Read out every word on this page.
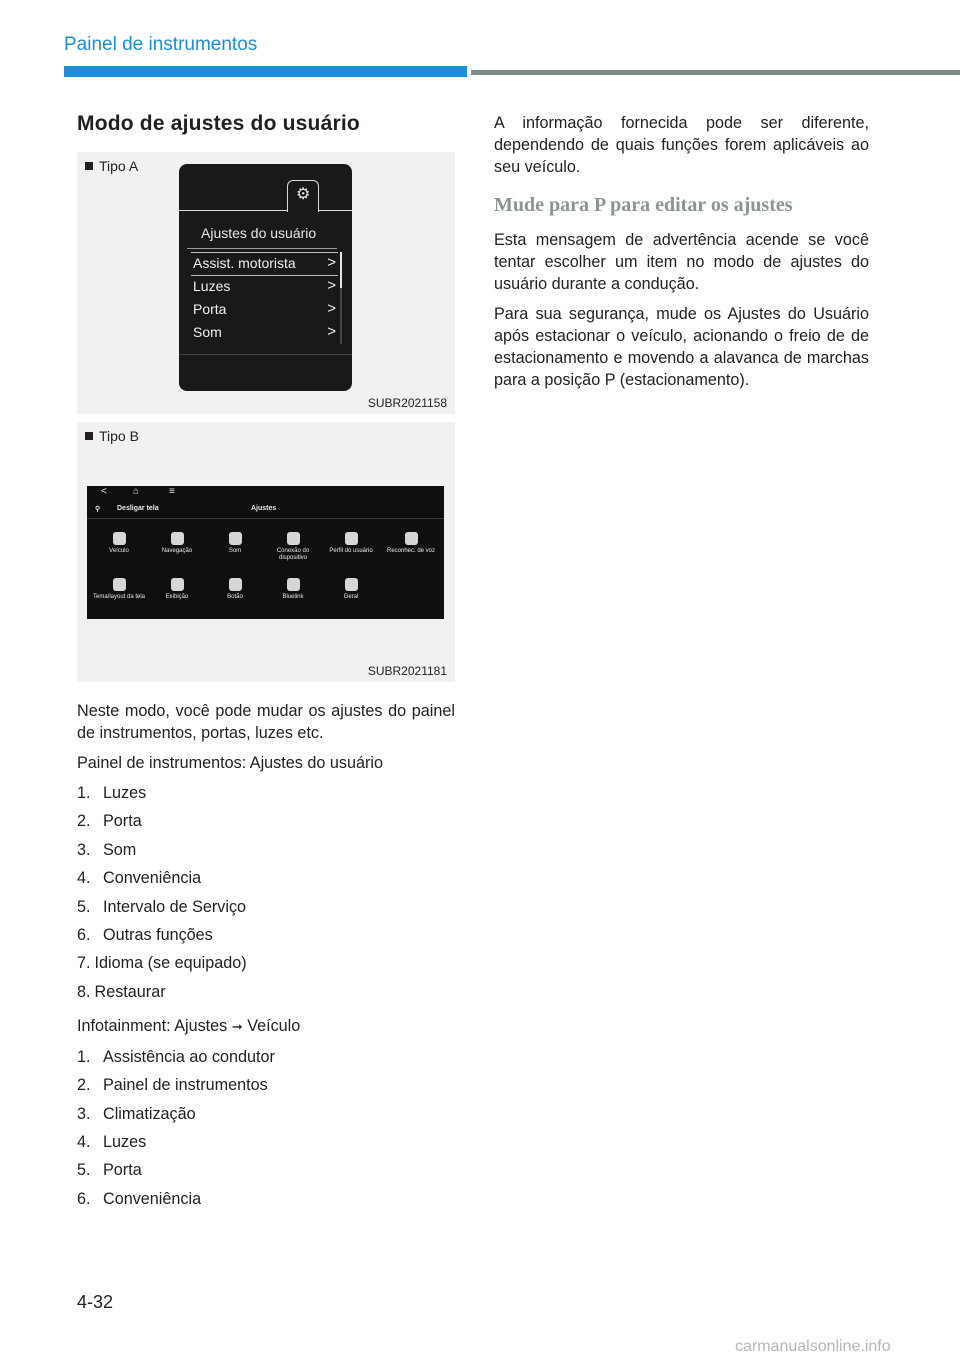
Painel de instrumentos
Modo de ajustes do usuário
Tipo A
⚙
Ajustes do usuário
Assist. motorista >
Luzes	>
Porta	>
Som	>
SUBR2021158
Tipo B
<	⌂	≡
⚲ Desligar tela	Ajustes
Veículo	Navegação	Som	Conexão do dispositivo
Perfil do usuário	Reconhec. de voz
Tema/layout da tela	Exibição	Botão	Bluelink	Geral
SUBR2021181

Neste modo, você pode mudar os ajustes do painel de instrumentos, portas, luzes etc.

Painel de instrumentos: Ajustes do usuário

1. Luzes
2. Porta
3. Som
4. Conveniência
5. Intervalo de Serviço
6. Outras funções
7. Idioma (se equipado)
8. Restaurar

Infotainment: Ajustes ➞ Veículo

1. Assistência ao condutor
2. Painel de instrumentos
3. Climatização
4. Luzes
5. Porta
6. Conveniência

A informação fornecida pode ser diferente, dependendo de quais funções forem aplicáveis ao seu veículo.

Mude para P para editar os ajustes

Esta mensagem de advertência acende se você tentar escolher um item no modo de ajustes do usuário durante a condução.

Para sua segurança, mude os Ajustes do Usuário após estacionar o veículo, acionando o freio de de estacionamento e movendo a alavanca de marchas para a posição P (estacionamento).

4-32
carmanualsonline.info
